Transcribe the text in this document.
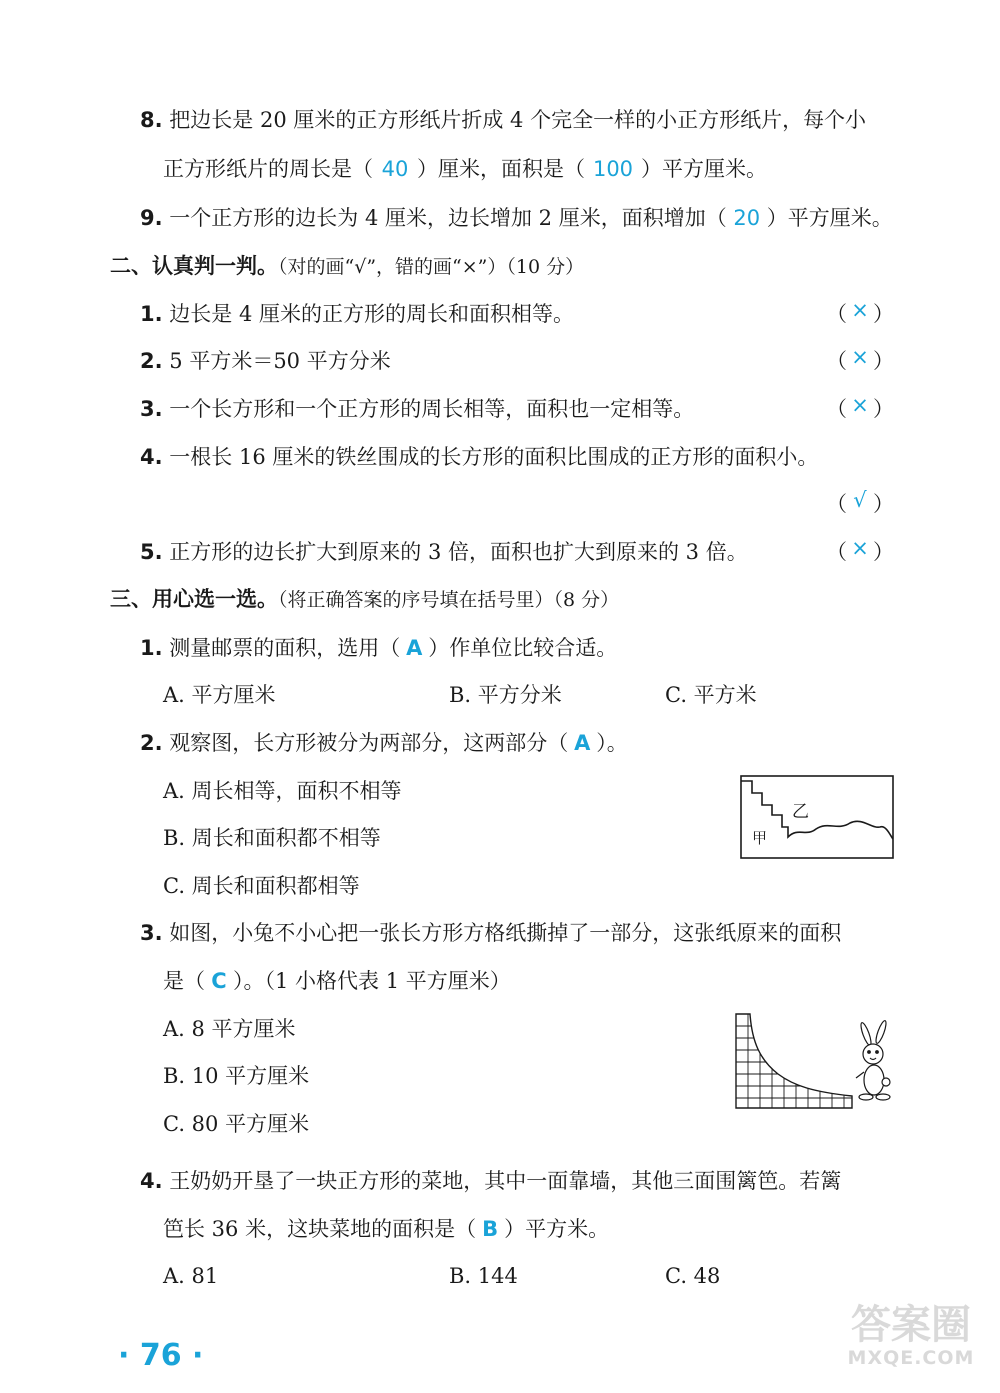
8. 把边长是 20 厘米的正方形纸片折成 4 个完全一样的小正方形纸片，每个小
正方形纸片的周长是（ 40 ）厘米，面积是（ 100 ）平方厘米。
9. 一个正方形的边长为 4 厘米，边长增加 2 厘米，面积增加（ 20 ）平方厘米。
二、认真判一判。（对的画“√”，错的画“×”）（10 分）
1. 边长是 4 厘米的正方形的周长和面积相等。	（ × ）
2. 5 平方米＝50 平方分米	（ × ）
3. 一个长方形和一个正方形的周长相等，面积也一定相等。	（ × ）
4. 一根长 16 厘米的铁丝围成的长方形的面积比围成的正方形的面积小。
（ √ ）
5. 正方形的边长扩大到原来的 3 倍，面积也扩大到原来的 3 倍。	（ × ）
三、用心选一选。（将正确答案的序号填在括号里）（8 分）
1. 测量邮票的面积，选用（ A ）作单位比较合适。
A. 平方厘米	B. 平方分米	C. 平方米
2. 观察图，长方形被分为两部分，这两部分（ A ）。
A. 周长相等，面积不相等
B. 周长和面积都不相等
C. 周长和面积都相等
甲
乙
3. 如图，小兔不小心把一张长方形方格纸撕掉了一部分，这张纸原来的面积
是（ C ）。（1 小格代表 1 平方厘米）
A. 8 平方厘米
B. 10 平方厘米
C. 80 平方厘米
4. 王奶奶开垦了一块正方形的菜地，其中一面靠墙，其他三面围篱笆。若篱
笆长 36 米，这块菜地的面积是（ B ）平方米。
A. 81	B. 144	C. 48
· 76 ·
答案圈
MXQE.COM
